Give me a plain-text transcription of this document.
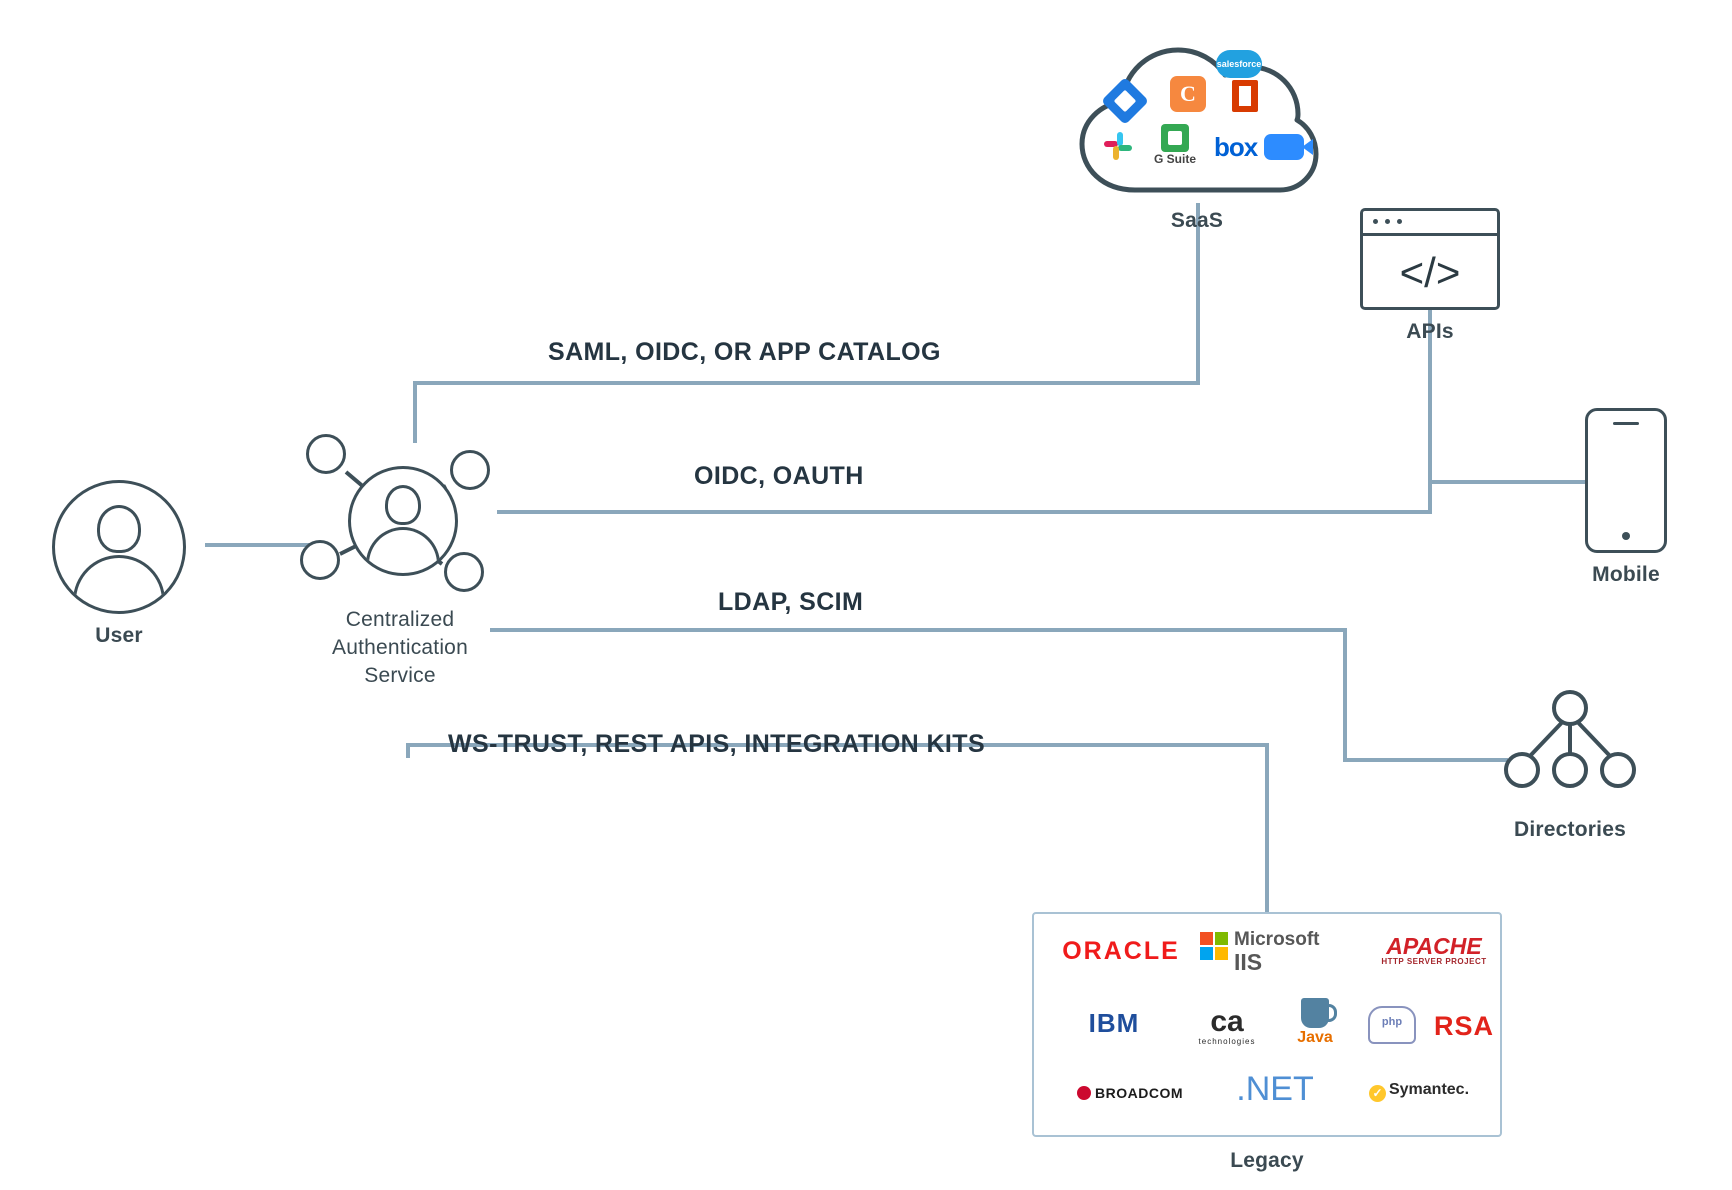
SAML, OIDC, OR APP CATALOG
OIDC, OAUTH
LDAP, SCIM
WS-TRUST, REST APIS, INTEGRATION KITS
User
Centralized
Authentication
Service
salesforce
C
G Suite box
SaaS
</>
APIs
Mobile
Directories
ORACLE	Microsoft
IIS
APACHE
HTTP SERVER PROJECT
IBM	ca
technologies	Java
php RSA
BROADCOM	.NET	✓ Symantec.
Legacy
